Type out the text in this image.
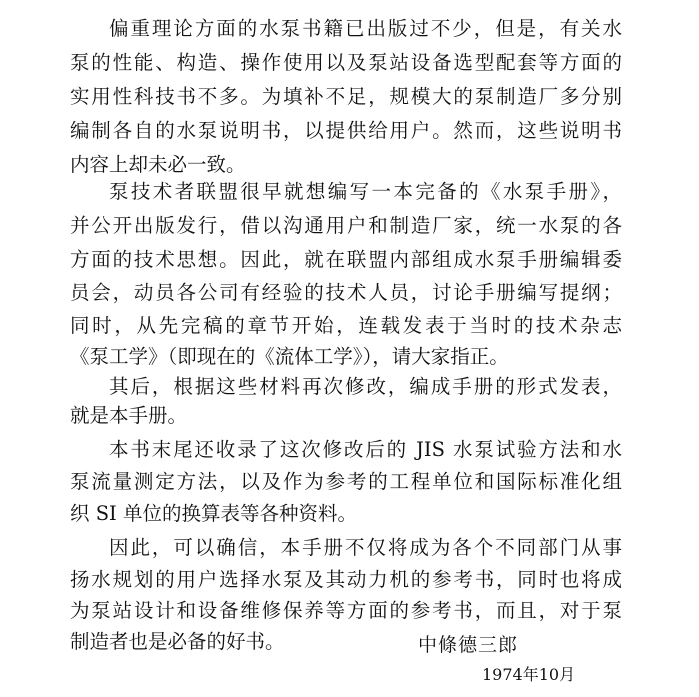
偏重理论方面的水泵书籍已出版过不少，但是，有关水
泵的性能、构造、操作使用以及泵站设备选型配套等方面的
实用性科技书不多。为填补不足，规模大的泵制造厂多分别
编制各自的水泵说明书，以提供给用户。然而，这些说明书
内容上却未必一致。
泵技术者联盟很早就想编写一本完备的《水泵手册》，
并公开出版发行，借以沟通用户和制造厂家，统一水泵的各
方面的技术思想。因此，就在联盟内部组成水泵手册编辑委
员会，动员各公司有经验的技术人员，讨论手册编写提纲；
同时，从先完稿的章节开始，连载发表于当时的技术杂志
《泵工学》（即现在的《流体工学》），请大家指正。
其后，根据这些材料再次修改，编成手册的形式发表，
就是本手册。
本书末尾还收录了这次修改后的 JIS 水泵试验方法和水
泵流量测定方法，以及作为参考的工程单位和国际标准化组
织 SI 单位的换算表等各种资料。
因此，可以确信，本手册不仅将成为各个不同部门从事
扬水规划的用户选择水泵及其动力机的参考书，同时也将成
为泵站设计和设备维修保养等方面的参考书，而且，对于泵
制造者也是必备的好书。	中條德三郎
1974年10月
